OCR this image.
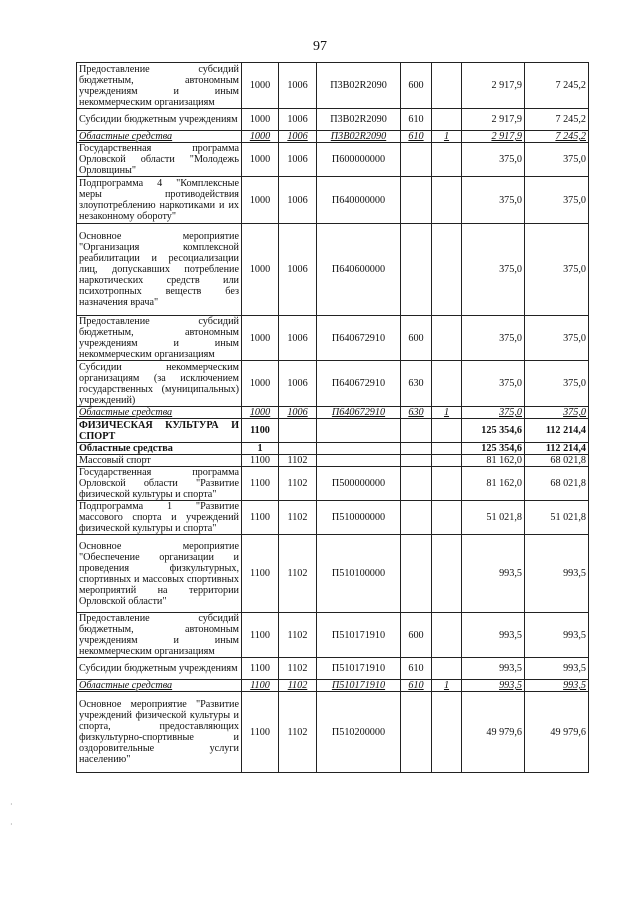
97
Предоставление субсидий бюджетным, автономным учреждениям и иным некоммерческим организациям	1000	1006	П3В02R2090	600		2 917,9	7 245,2
Субсидии бюджетным учреждениям	1000	1006	П3В02R2090	610		2 917,9	7 245,2
Областные средства	1000	1006	П3В02R2090	610	1	2 917,9	7 245,2
Государственная программа Орловской области "Молодежь Орловщины"	1000	1006	П600000000			375,0	375,0
Подпрограмма 4 "Комплексные меры противодействия злоупотреблению наркотиками и их незаконному обороту"	1000	1006	П640000000			375,0	375,0
Основное мероприятие "Организация комплексной реабилитации и ресоциализации лиц, допускавших потребление наркотических средств или психотропных веществ без назначения врача"	1000	1006	П640600000			375,0	375,0
Предоставление субсидий бюджетным, автономным учреждениям и иным некоммерческим организациям	1000	1006	П640672910	600		375,0	375,0
Субсидии некоммерческим организациям (за исключением государственных (муниципальных) учреждений)	1000	1006	П640672910	630		375,0	375,0
Областные средства	1000	1006	П640672910	630	1	375,0	375,0
ФИЗИЧЕСКАЯ КУЛЬТУРА И СПОРТ	1100					125 354,6	112 214,4
Областные средства	1					125 354,6	112 214,4
Массовый спорт	1100	1102				81 162,0	68 021,8
Государственная программа Орловской области "Развитие физической культуры и спорта"	1100	1102	П500000000			81 162,0	68 021,8
Подпрограмма 1 "Развитие массового спорта и учреждений физической культуры и спорта"	1100	1102	П510000000			51 021,8	51 021,8
Основное мероприятие "Обеспечение организации и проведения физкультурных, спортивных и массовых спортивных мероприятий на территории Орловской области"	1100	1102	П510100000			993,5	993,5
Предоставление субсидий бюджетным, автономным учреждениям и иным некоммерческим организациям	1100	1102	П510171910	600		993,5	993,5
Субсидии бюджетным учреждениям	1100	1102	П510171910	610		993,5	993,5
Областные средства	1100	1102	П510171910	610	1	993,5	993,5
Основное мероприятие "Развитие учреждений физической культуры и спорта, предоставляющих физкультурно-спортивные и оздоровительные услуги населению"	1100	1102	П510200000			49 979,6	49 979,6
·
·
